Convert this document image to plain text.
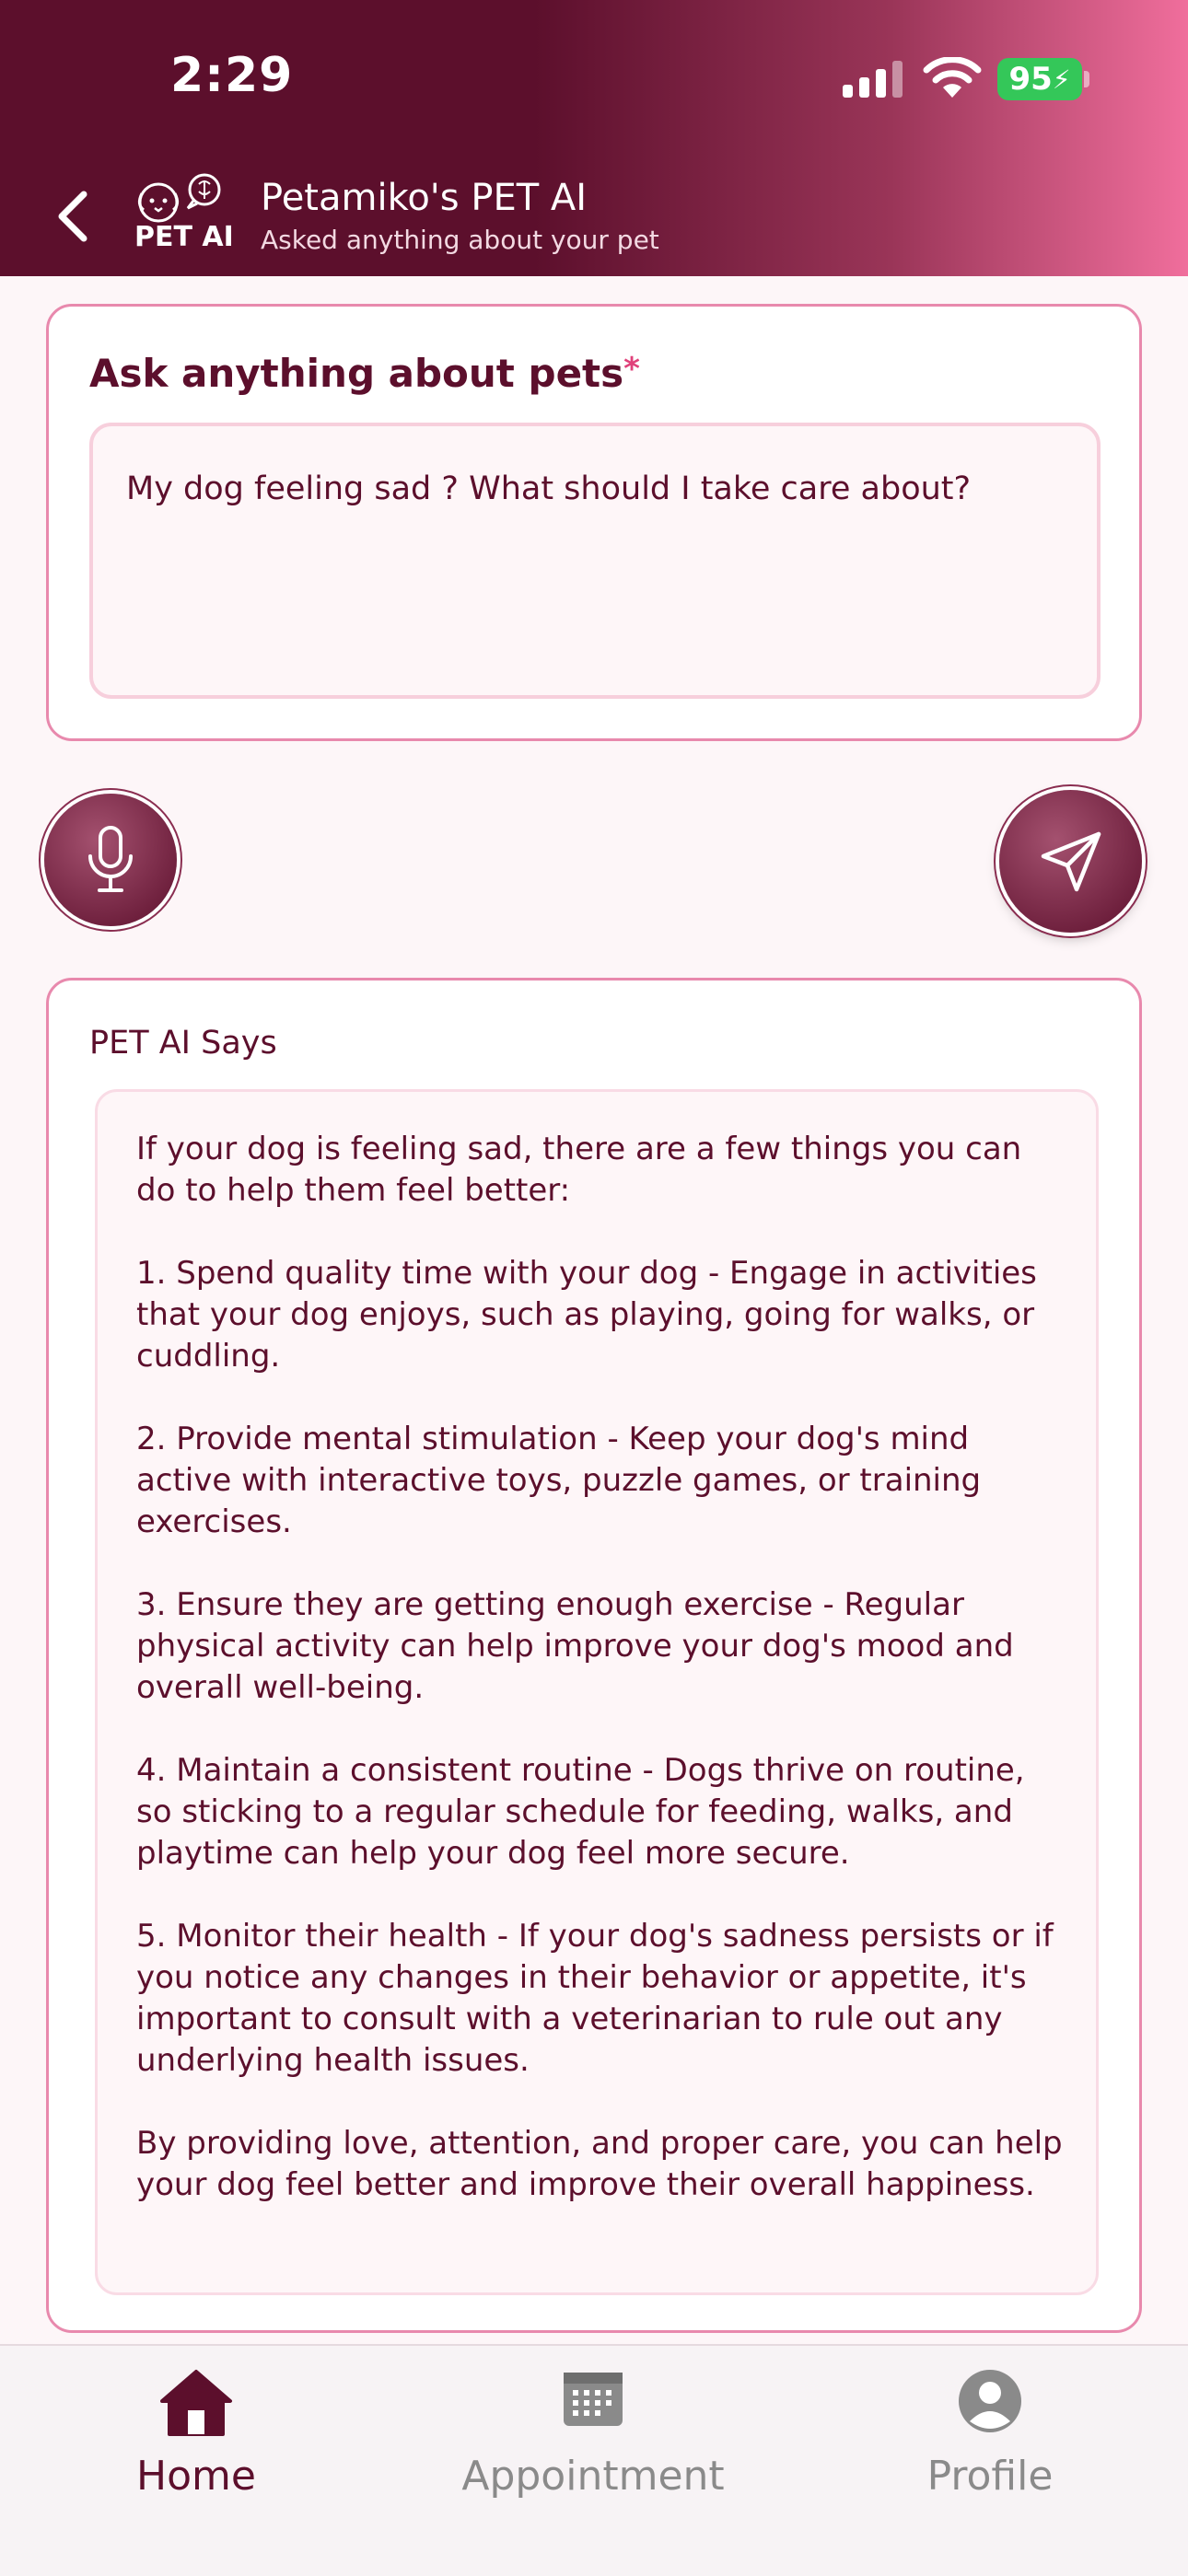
2:29	95 ⚡
PET AI
Petamiko's PET AI
Asked anything about your pet
Ask anything about pets*
My dog feeling sad ? What should I take care about?
PET AI Says
If your dog is feeling sad, there are a few things you can do to help them feel better:

1. Spend quality time with your dog - Engage in activities that your dog enjoys, such as playing, going for walks, or cuddling.

2. Provide mental stimulation - Keep your dog's mind active with interactive toys, puzzle games, or training exercises.

3. Ensure they are getting enough exercise - Regular physical activity can help improve your dog's mood and overall well-being.

4. Maintain a consistent routine - Dogs thrive on routine, so sticking to a regular schedule for feeding, walks, and playtime can help your dog feel more secure.

5. Monitor their health - If your dog's sadness persists or if you notice any changes in their behavior or appetite, it's important to consult with a veterinarian to rule out any underlying health issues.

By providing love, attention, and proper care, you can help your dog feel better and improve their overall happiness.
Home	Appointment	Profile
